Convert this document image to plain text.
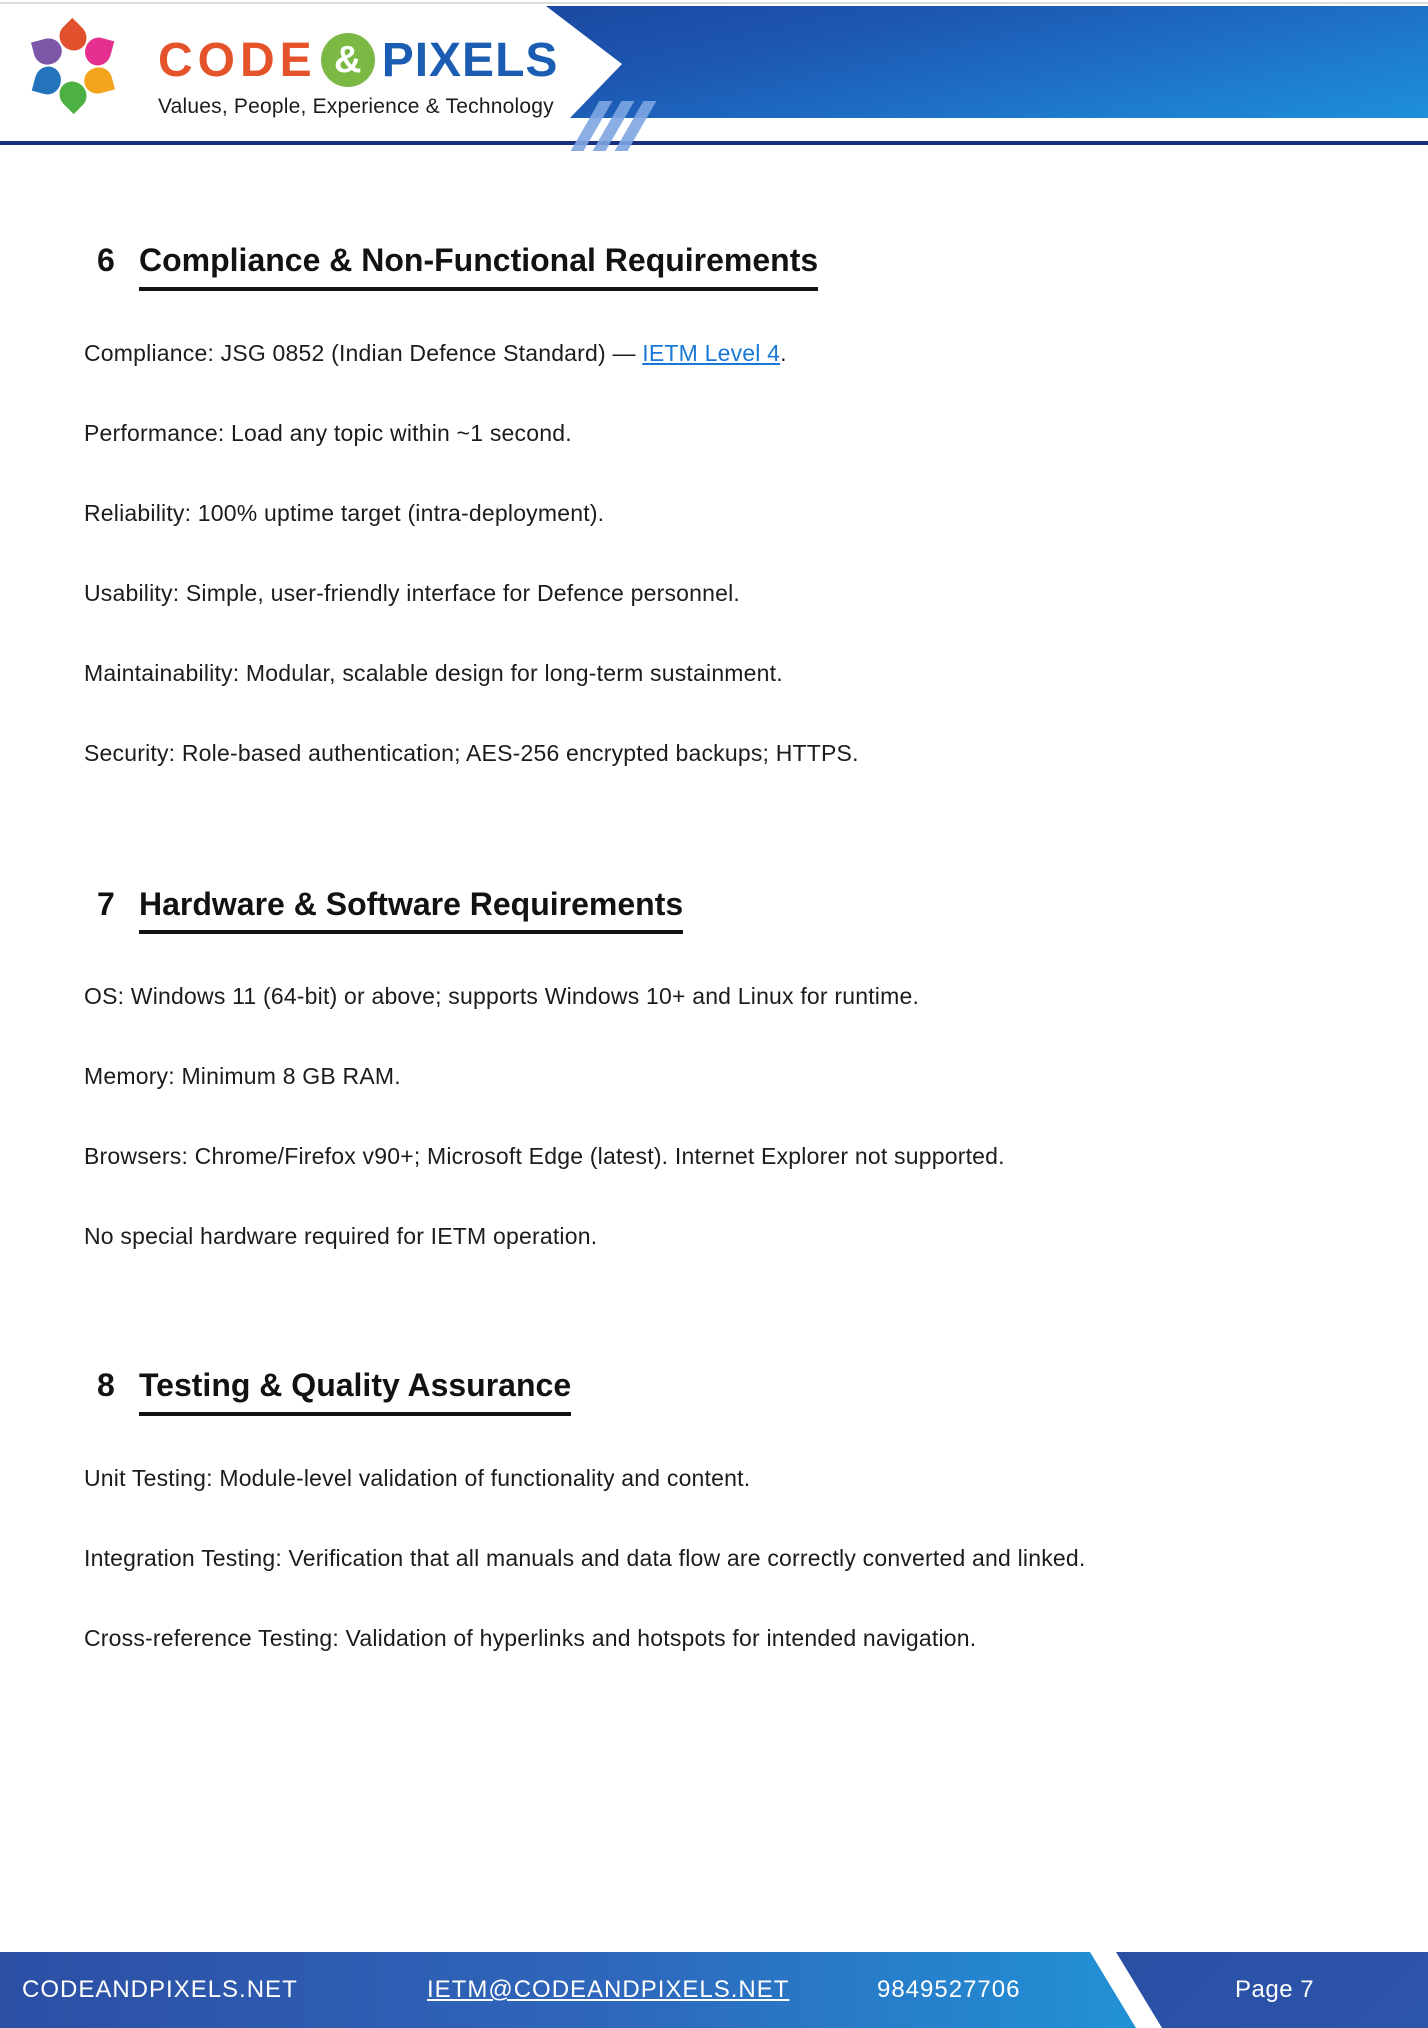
CODE & PIXELS
Values, People, Experience & Technology
6 Compliance & Non-Functional Requirements

Compliance: JSG 0852 (Indian Defence Standard) — IETM Level 4.

Performance: Load any topic within ~1 second.

Reliability: 100% uptime target (intra-deployment).

Usability: Simple, user-friendly interface for Defence personnel.

Maintainability: Modular, scalable design for long-term sustainment.

Security: Role-based authentication; AES-256 encrypted backups; HTTPS.

7 Hardware & Software Requirements

OS: Windows 11 (64-bit) or above; supports Windows 10+ and Linux for runtime.

Memory: Minimum 8 GB RAM.

Browsers: Chrome/Firefox v90+; Microsoft Edge (latest). Internet Explorer not supported.

No special hardware required for IETM operation.

8 Testing & Quality Assurance

Unit Testing: Module-level validation of functionality and content.

Integration Testing: Verification that all manuals and data flow are correctly converted and linked.

Cross-reference Testing: Validation of hyperlinks and hotspots for intended navigation.

CODEANDPIXELS.NET	IETM@CODEANDPIXELS.NET	9849527706	Page 7
